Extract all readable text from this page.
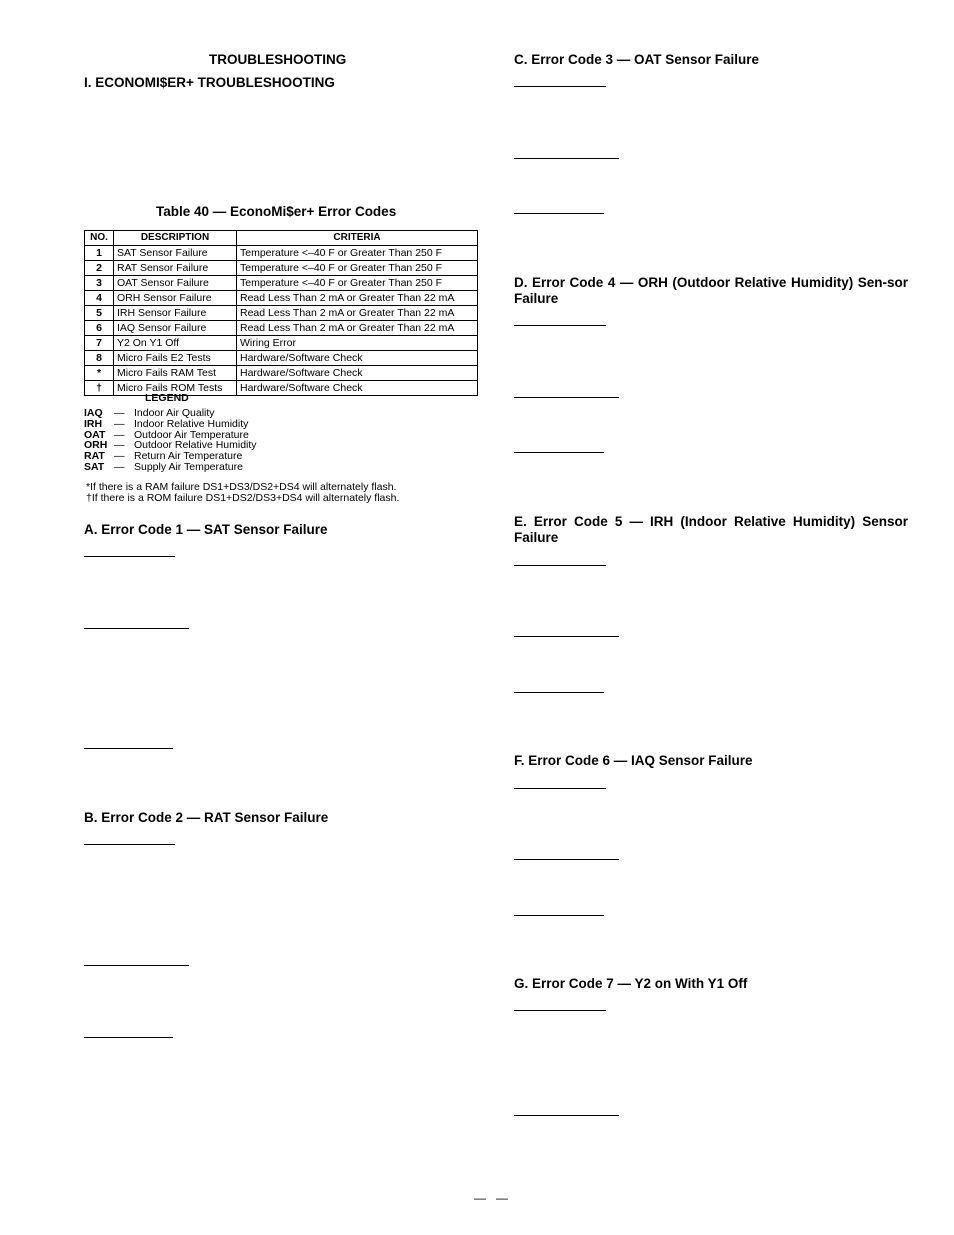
TROUBLESHOOTING
I. ECONOMI$ER+ TROUBLESHOOTING
Table 40 — EconoMi$er+ Error Codes
NO.	DESCRIPTION	CRITERIA
1	SAT Sensor Failure	Temperature <–40 F or Greater Than 250 F
2	RAT Sensor Failure	Temperature <–40 F or Greater Than 250 F
3	OAT Sensor Failure	Temperature <–40 F or Greater Than 250 F
4	ORH Sensor Failure	Read Less Than 2 mA or Greater Than 22 mA
5	IRH Sensor Failure	Read Less Than 2 mA or Greater Than 22 mA
6	IAQ Sensor Failure	Read Less Than 2 mA or Greater Than 22 mA
7	Y2 On Y1 Off	Wiring Error
8	Micro Fails E2 Tests	Hardware/Software Check
*	Micro Fails RAM Test	Hardware/Software Check
†	Micro Fails ROM Tests	Hardware/Software Check
LEGEND
IAQ	— Indoor Air Quality
IRH	— Indoor Relative Humidity
OAT — Outdoor Air Temperature
ORH — Outdoor Relative Humidity
RAT — Return Air Temperature
SAT — Supply Air Temperature
*If there is a RAM failure DS1+DS3/DS2+DS4 will alternately flash.
†If there is a ROM failure DS1+DS2/DS3+DS4 will alternately flash.
A. Error Code 1 — SAT Sensor Failure
B. Error Code 2 — RAT Sensor Failure
C. Error Code 3 — OAT Sensor Failure
D. Error Code 4 — ORH (Outdoor Relative Humidity) Sen-sor Failure
E. Error Code 5 — IRH (Indoor Relative Humidity) Sensor Failure
F. Error Code 6 — IAQ Sensor Failure
G. Error Code 7 — Y2 on With Y1 Off
—   —
